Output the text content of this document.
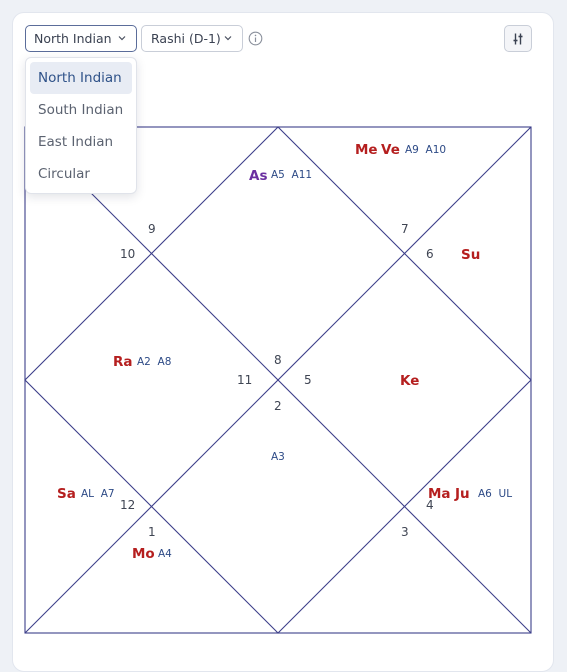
North Indian	Rashi (D-1)
9
10
7
6
8
11	5
2
12
1
4
3
Me Ve
As
Su
Ra
Ke
Sa	Ma Ju
Mo
A9  A10
A5  A11
A2  A8
A3
AL  A7	A6  UL
A4
North Indian
South Indian
East Indian
Circular
